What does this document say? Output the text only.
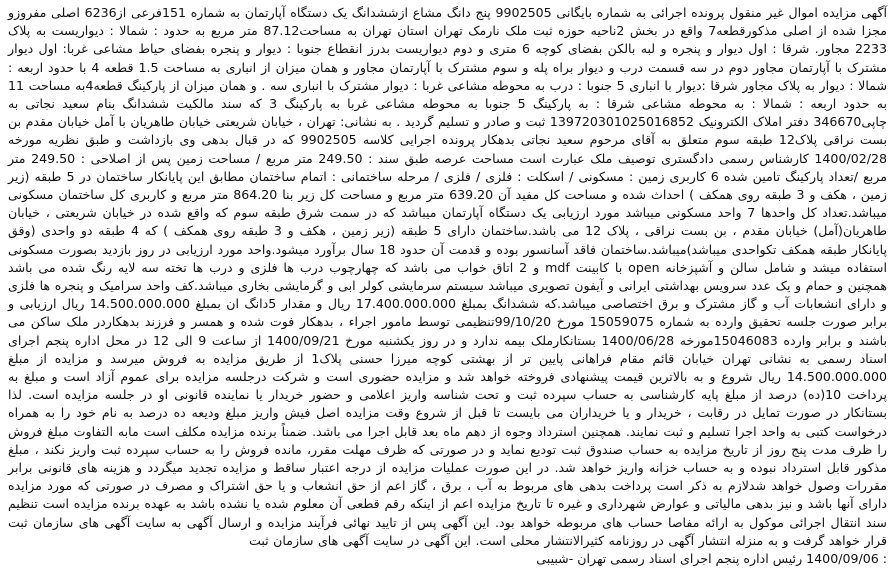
آگهی مزایده اموال غیر منقول پرونده اجرائی به شماره بایگانی 9902505 پنج دانگ مشاع ازششدانگ یک دستگاه آپارتمان به شماره 151فرعی از6236 اصلی مفروزو مجزا شده از اصلی مذکورقطعه7 واقع در بخش 2ناحیه حوزه ثبت ملک نارمک تهران استان تهران به مساحت87.12 متر مربع به حدود : شمالا : دیواریست به پلاک 2233 مجاور. شرقا : اول دیوار و پنجره و لبه بالکن بفضای کوچه 6 متری و دوم دیواریست بدرز انقطاع جنوبا : دیوار و پنجره بفضای حیاط مشاعی غربا: اول دیوار مشترک با آپارتمان مجاور دوم در سه قسمت درب و دیوار براه پله و سوم مشترک با آپارتمان مجاور و همان میزان از انباری به مساحت 1.5 قطعه 4 با حدود اربعه : شمالا : دیوار به پلاک مجاور شرقا :دیوار با انباری 5 جنوبا : درب به محوطه مشاعی غربا : دیوار مشترک با انباری سه . و همان میزان از پارکینگ قطعه4به مساحت 11 به حدود اربعه : شمالا : به محوطه مشاعی شرقا : به پارکینگ 5 جنوبا به محوطه مشاعی غربا به پارکینگ 3 که سند مالکیت ششدانگ بنام سعید نجاتی به چاپی346670 دفتر املاک الکترونیک 139720301025016852 ثبت و صادر و تسلیم گردید . به نشانی: تهران ، خیابان شریعتی خیابان طاهریان با آمل خیابان مقدم بن بست نراقی پلاک12 طبقه سوم متعلق به آقای مرحوم سعید نجاتی بدهکار پرونده اجرایی کلاسه 9902505 که در قبال بدهی وی بازداشت و طبق نظریه مورخه 1400/02/28 کارشناس رسمی دادگستری توصیف ملک عبارت است مساحت عرصه طبق سند : 249.50 متر مربع / مساحت زمین پس از اصلاحی : 249.50 متر مربع /تعداد پارکینگ تامین شده 6 کاربری زمین : مسکونی / اسکلت : فلزی / فلزی / مرحله ساختمانی : اتمام ساختمان مطابق این پایانکار ساختمان در 5 طبقه (زیر زمین ، هکف و 3 طبقه روی همکف ) احداث شده و مساحت کل مفید آن 639.20 متر مربع و مساحت کل زیر بنا 864.20 متر مربع و کاربری کل ساختمان مسکونی میباشد.تعداد کل واحدها 7 واحد مسکونی میباشد مورد ارزیابی یک دستگاه آپارتمان میباشد که در سمت شرق طبقه سوم که واقع شده در خیابان شریعتی ، خیابان طاهریان(آمل) خیابان مقدم ، بن بست نراقی ، پلاک 12 می باشد.ساختمان دارای 5 طبقه (زیر زمین ، هکف و 3 طبقه روی همکف ) که 4 طبقه دو واحدی (وقق پایانکار طبقه همکف تکواحدی میباشد)میباشد.ساختمان فاقد آسانسور بوده و قدمت آن حدود 18 سال برآورد میشود.واحد مورد ارزیابی در روز بازدید بصورت مسکونی استفاده میشد و شامل سالن و آشپزخانه open با کابینت mdf و 2 اتاق خواب می باشد که چهارچوب درب ها فلزی و درب ها تخته سه لایه رنگ شده می باشد همچنین و حمام و یک عدد سرویس بهداشتی ایرانی و آیفون تصویری میباشد سیستم سرمایشی کولر ابی و گرمایشی بخاری میباشد.کف واحد سرامیک و پنجره ها فلزی و دارای انشعابات آب و گاز مشترک و برق اختصاصی میباشد.که ششدانگ بمبلغ 17.400.000.000 ریال و مقدار 5دانگ ان بمبلغ 14.500.000.000 ریال ارزیابی و برابر صورت جلسه تحقیق وارده به شماره 15059075 مورخ 99/10/20تنظیمی توسط مامور اجراء ، بدهکار فوت شده و همسر و فرزند بدهکاردر ملک ساکن می باشند و برابر وارده 15046083مورخه 1400/06/28 بستانکارملک بیمه ندارد و در روز یکشنبه مورخ 1400/09/21 از ساعت 9 الی 12 در محل اداره پنجم اجرای اسناد رسمی به نشانی تهران خیابان قائم مقام فراهانی پایین تر از بهشتی کوچه میرزا حسنی پلاک1 از طریق مزایده به فروش میرسد و مزایده از مبلغ 14.500.000.000 ریال شروع و به بالاترین قیمت پیشنهادی فروخته خواهد شد و مزایده حضوری است و شرکت درجلسه مزایده برای عموم آزاد است و مبلغ به پرداخت 10(ده) درصد از مبلغ پایه کارشناسی به حساب سپرده ثبت و تحت شناسه واریز اعلامی و حضور خریدار یا نماینده قانونی او در جلسه مزایده است. لذا بستانکار در صورت تمایل در رقابت ، خریدار و یا خریداران می بایست تا قبل از شروع وقت مزایده اصل فیش واریز مبلغ ودیعه ده درصد به نام خود را به همراه درخواست کتبی به واحد اجرا تسلیم و ثبت نمایند. همچنین استرداد وجوه از دهم ماه بعد قابل اجرا می باشد. ضمناً برنده مزایده مکلف است مابه التفاوت مبلغ فروش را ظرف مدت پنج روز از تاریخ مزایده به حساب صندوق ثبت تودیع نماید و در صورتی که ظرف مهلت مقرر، مانده فروش را به حساب سپرده ثبت واریز نکند ، مبلغ مذکور قابل استرداد نبوده و به حساب خزانه واریز خواهد شد. در این صورت عملیات مزایده از درجه اعتبار ساقط و مزایده تجدید میگردد و هزینه های قانونی برابر مقررات وصول خواهد شدلازم به ذکر است پرداخت بدهی های مربوط به آب ، برق ، گاز اعم از حق انشعاب و یا حق اشتراک و مصرف در صورتی که مورد مزایده دارای آنها باشد و نیز بدهی مالیاتی و عوارض شهرداری و غیره تا تاریخ مزایده اعم از اینکه رقم قطعی آن معلوم شده یا نشده باشد به عهده برنده مزایده است تنظیم سند انتقال اجرائی موکول به ارائه مفاصا حساب های مربوطه خواهد بود. این آگهی پس از تایید نهائی فرآیند مزایده و ارسال آگهی به سایت آگهی های سازمان ثبت قرار خواهد گرفت و به منزله انتشار آگهی در روزنامه کثیرالانتشار محلی است. این آگهی در سایت آگهی های سازمان ثبت

: 1400/09/06 رئیس اداره پنجم اجرای اسناد رسمی تهران -شبیبی
